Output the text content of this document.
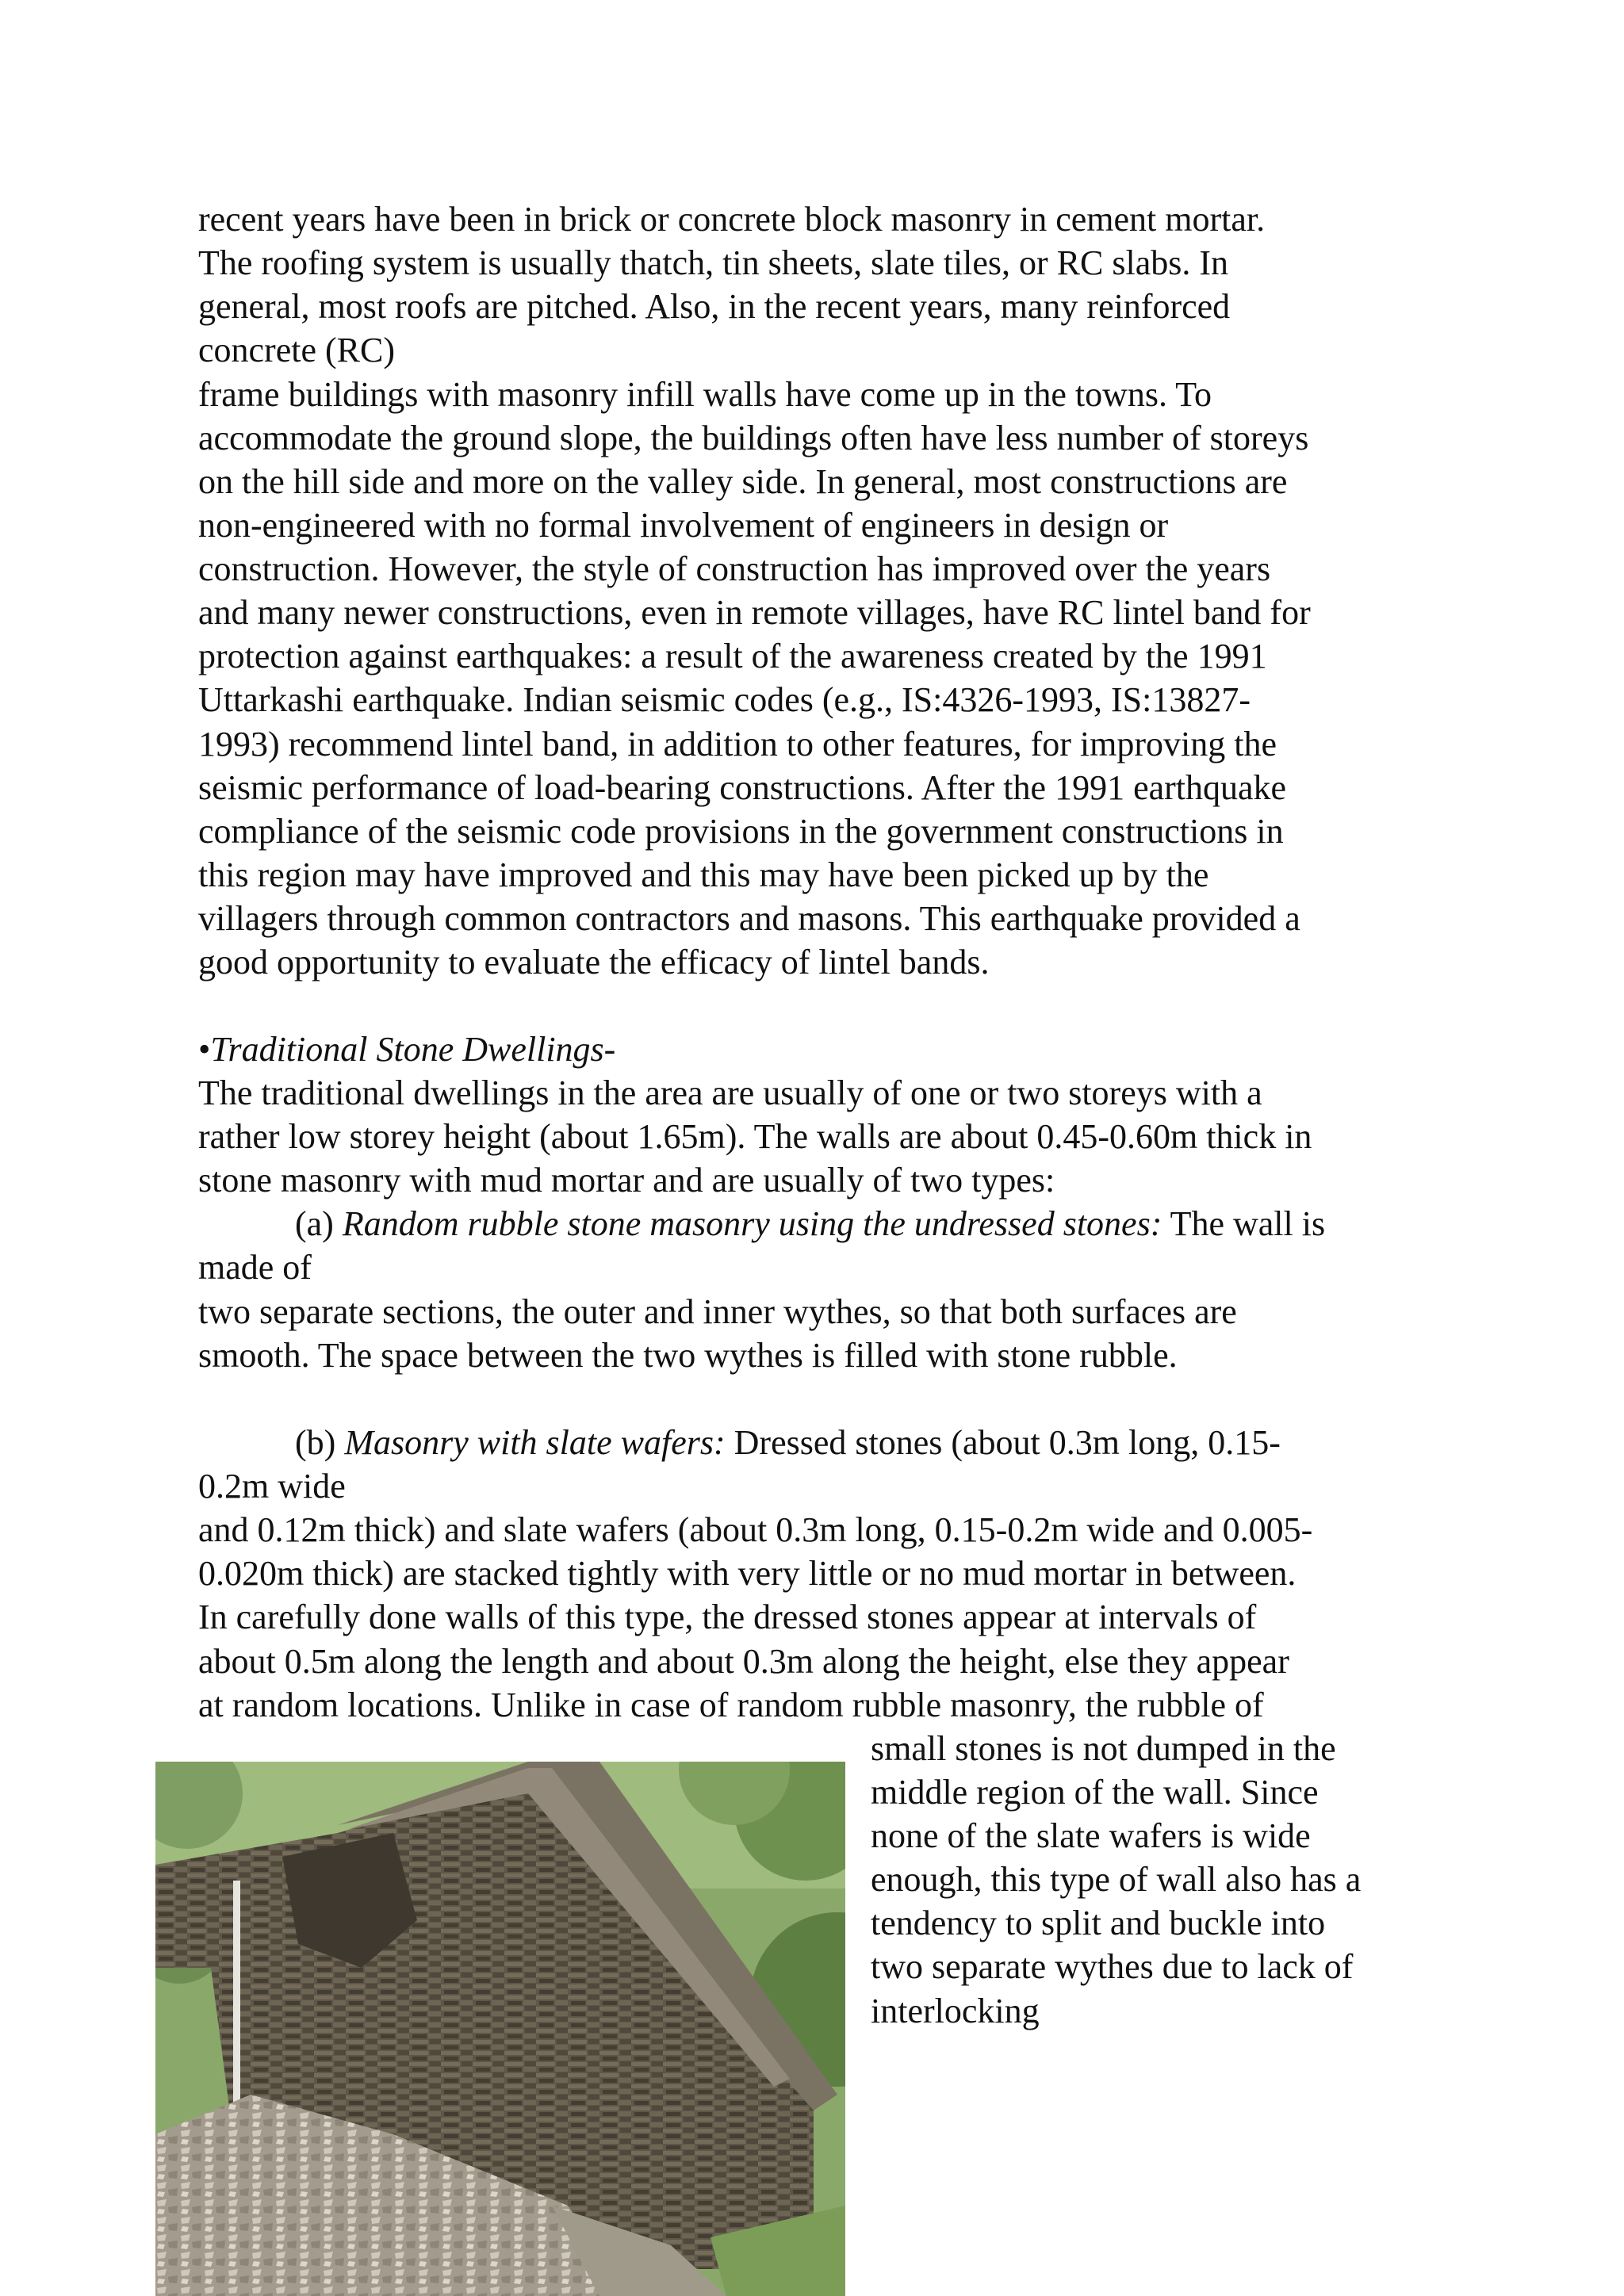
recent years have been in brick or concrete block masonry in cement mortar.
The roofing system is usually thatch, tin sheets, slate tiles, or RC slabs. In
general, most roofs are pitched. Also, in the recent years, many reinforced
concrete (RC)
frame buildings with masonry infill walls have come up in the towns. To
accommodate the ground slope, the buildings often have less number of storeys
on the hill side and more on the valley side. In general, most constructions are
non-engineered with no formal involvement of engineers in design or
construction. However, the style of construction has improved over the years
and many newer constructions, even in remote villages, have RC lintel band for
protection against earthquakes: a result of the awareness created by the 1991
Uttarkashi earthquake. Indian seismic codes (e.g., IS:4326-1993, IS:13827-
1993) recommend lintel band, in addition to other features, for improving the
seismic performance of load-bearing constructions. After the 1991 earthquake
compliance of the seismic code provisions in the government constructions in
this region may have improved and this may have been picked up by the
villagers through common contractors and masons. This earthquake provided a
good opportunity to evaluate the efficacy of lintel bands.
•Traditional Stone Dwellings-
The traditional dwellings in the area are usually of one or two storeys with a
rather low storey height (about 1.65m). The walls are about 0.45-0.60m thick in
stone masonry with mud mortar and are usually of two types:
(a) Random rubble stone masonry using the undressed stones: The wall is
made of
two separate sections, the outer and inner wythes, so that both surfaces are
smooth. The space between the two wythes is filled with stone rubble.
(b) Masonry with slate wafers: Dressed stones (about 0.3m long, 0.15-
0.2m wide
and 0.12m thick) and slate wafers (about 0.3m long, 0.15-0.2m wide and 0.005-
0.020m thick) are stacked tightly with very little or no mud mortar in between.
In carefully done walls of this type, the dressed stones appear at intervals of
about 0.5m along the length and about 0.3m along the height, else they appear
at random locations. Unlike in case of random rubble masonry, the rubble of
small stones is not dumped in the
middle region of the wall. Since
none of the slate wafers is wide
enough, this type of wall also has a
tendency to split and buckle into
two separate wythes due to lack of
interlocking
